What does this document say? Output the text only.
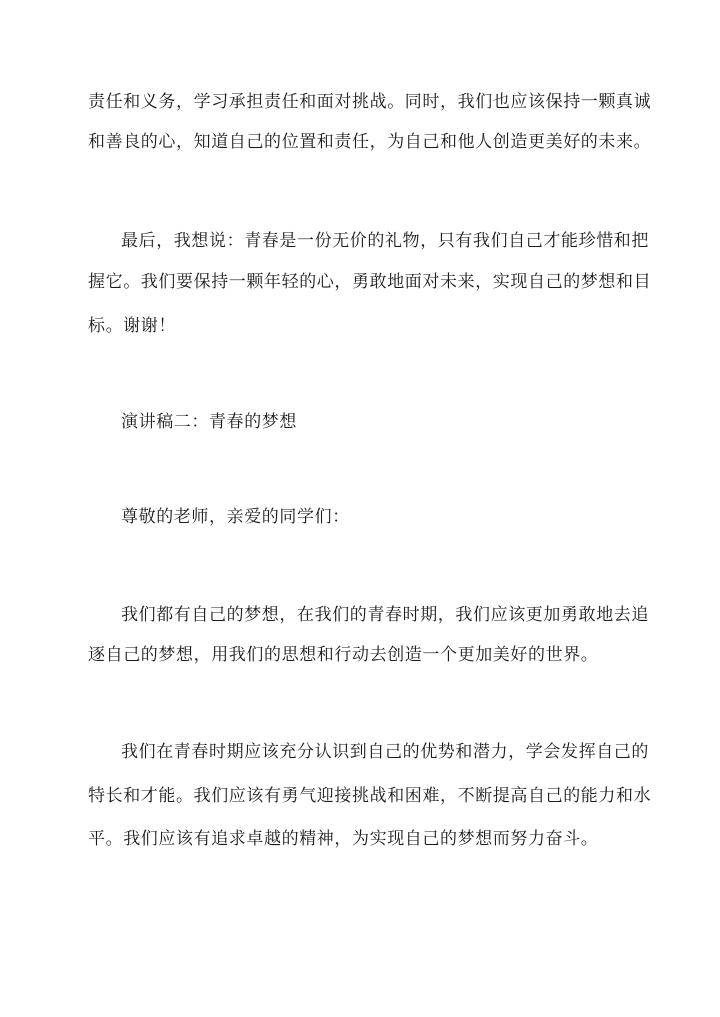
责任和义务，学习承担责任和面对挑战。同时，我们也应该保持一颗真诚
和善良的心，知道自己的位置和责任，为自己和他人创造更美好的未来。
最后，我想说：青春是一份无价的礼物，只有我们自己才能珍惜和把
握它。我们要保持一颗年轻的心，勇敢地面对未来，实现自己的梦想和目
标。谢谢！
演讲稿二：青春的梦想
尊敬的老师，亲爱的同学们：
我们都有自己的梦想，在我们的青春时期，我们应该更加勇敢地去追
逐自己的梦想，用我们的思想和行动去创造一个更加美好的世界。
我们在青春时期应该充分认识到自己的优势和潜力，学会发挥自己的
特长和才能。我们应该有勇气迎接挑战和困难，不断提高自己的能力和水
平。我们应该有追求卓越的精神，为实现自己的梦想而努力奋斗。
